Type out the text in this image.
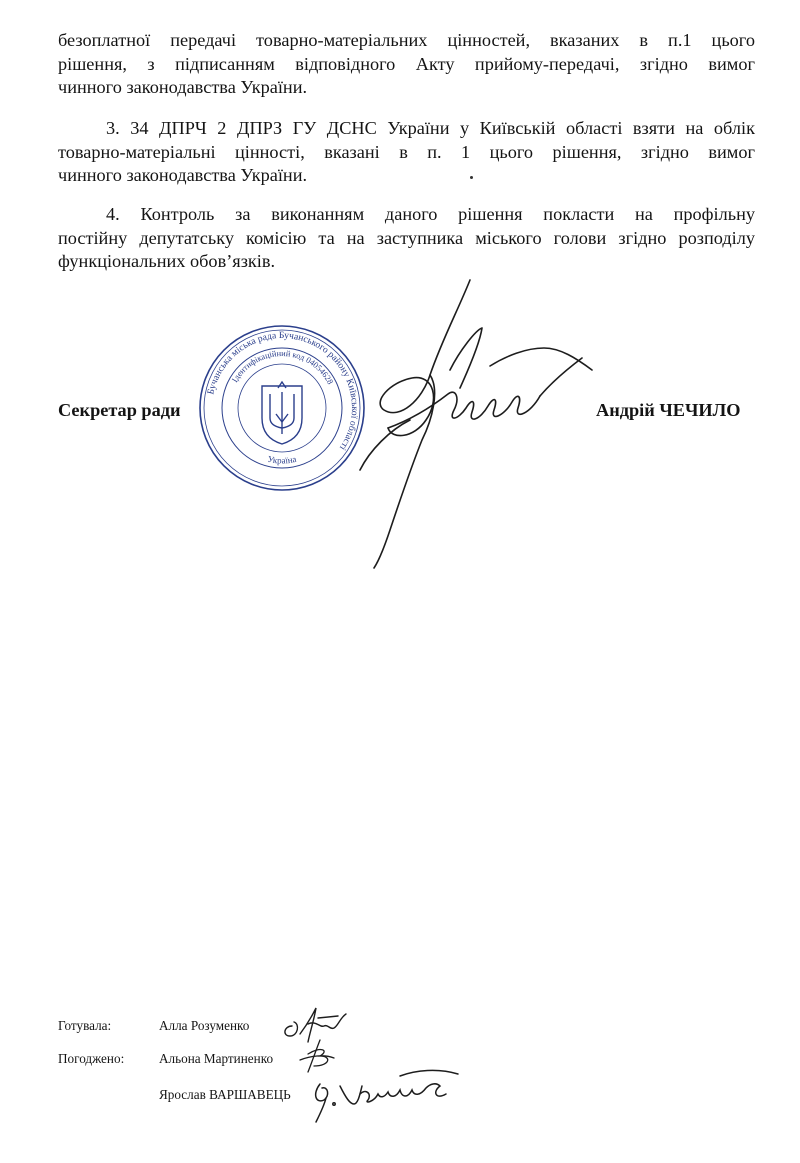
безоплатної передачі товарно-матеріальних цінностей, вказаних в п.1 цього
рішення, з підписанням відповідного Акту прийому-передачі, згідно вимог
чинного законодавства України.

3. 34 ДПРЧ 2 ДПРЗ ГУ ДСНС України у Київській області взяти на облік
товарно-матеріальні цінності, вказані в п. 1 цього рішення, згідно вимог
чинного законодавства України.

4. Контроль за виконанням даного рішення покласти на профільну
постійну депутатську комісію та на заступника міського голови згідно розподілу
функціональних обов’язків.

Бучанська міська рада Бучанського району Київської області
Ідентифікаційний код 04054628
Україна
Секретар ради	Андрій ЧЕЧИЛО
Готувала:	Алла Розуменко
Погоджено:	Альона Мартиненко
Ярослав ВАРШАВЕЦЬ
